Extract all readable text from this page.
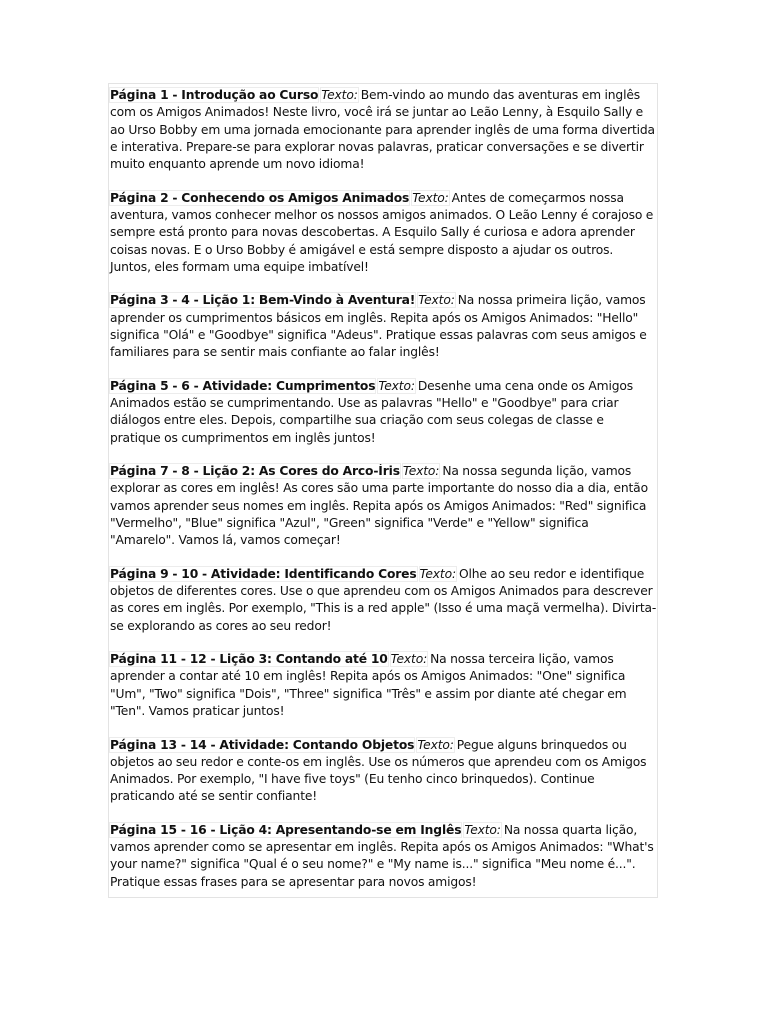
Página 1 - Introdução ao Curso Texto: Bem-vindo ao mundo das aventuras em inglês com os Amigos Animados! Neste livro, você irá se juntar ao Leão Lenny, à Esquilo Sally e ao Urso Bobby em uma jornada emocionante para aprender inglês de uma forma divertida e interativa. Prepare-se para explorar novas palavras, praticar conversações e se divertir muito enquanto aprende um novo idioma!

Página 2 - Conhecendo os Amigos Animados Texto: Antes de começarmos nossa aventura, vamos conhecer melhor os nossos amigos animados. O Leão Lenny é corajoso e sempre está pronto para novas descobertas. A Esquilo Sally é curiosa e adora aprender coisas novas. E o Urso Bobby é amigável e está sempre disposto a ajudar os outros. Juntos, eles formam uma equipe imbatível!

Página 3 - 4 - Lição 1: Bem-Vindo à Aventura! Texto: Na nossa primeira lição, vamos aprender os cumprimentos básicos em inglês. Repita após os Amigos Animados: "Hello" significa "Olá" e "Goodbye" significa "Adeus". Pratique essas palavras com seus amigos e familiares para se sentir mais confiante ao falar inglês!

Página 5 - 6 - Atividade: Cumprimentos Texto: Desenhe uma cena onde os Amigos Animados estão se cumprimentando. Use as palavras "Hello" e "Goodbye" para criar diálogos entre eles. Depois, compartilhe sua criação com seus colegas de classe e pratique os cumprimentos em inglês juntos!

Página 7 - 8 - Lição 2: As Cores do Arco-Íris Texto: Na nossa segunda lição, vamos explorar as cores em inglês! As cores são uma parte importante do nosso dia a dia, então vamos aprender seus nomes em inglês. Repita após os Amigos Animados: "Red" significa "Vermelho", "Blue" significa "Azul", "Green" significa "Verde" e "Yellow" significa "Amarelo". Vamos lá, vamos começar!

Página 9 - 10 - Atividade: Identificando Cores Texto: Olhe ao seu redor e identifique objetos de diferentes cores. Use o que aprendeu com os Amigos Animados para descrever as cores em inglês. Por exemplo, "This is a red apple" (Isso é uma maçã vermelha). Divirta-se explorando as cores ao seu redor!

Página 11 - 12 - Lição 3: Contando até 10 Texto: Na nossa terceira lição, vamos aprender a contar até 10 em inglês! Repita após os Amigos Animados: "One" significa "Um", "Two" significa "Dois", "Three" significa "Três" e assim por diante até chegar em "Ten". Vamos praticar juntos!

Página 13 - 14 - Atividade: Contando Objetos Texto: Pegue alguns brinquedos ou objetos ao seu redor e conte-os em inglês. Use os números que aprendeu com os Amigos Animados. Por exemplo, "I have five toys" (Eu tenho cinco brinquedos). Continue praticando até se sentir confiante!

Página 15 - 16 - Lição 4: Apresentando-se em Inglês Texto: Na nossa quarta lição, vamos aprender como se apresentar em inglês. Repita após os Amigos Animados: "What's your name?" significa "Qual é o seu nome?" e "My name is..." significa "Meu nome é...". Pratique essas frases para se apresentar para novos amigos!
